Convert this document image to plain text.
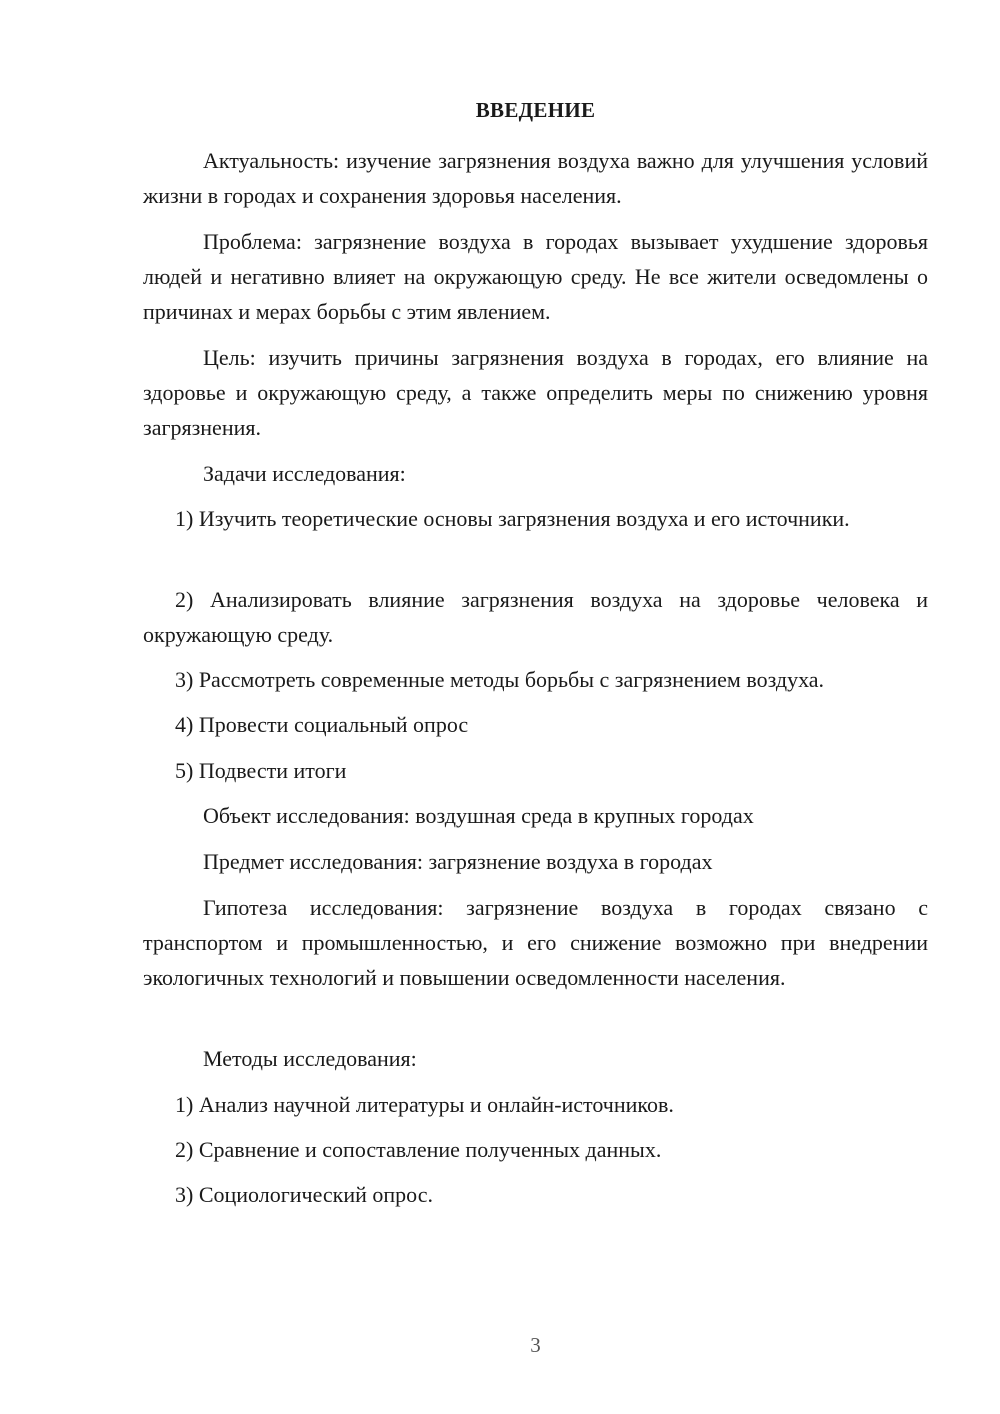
ВВЕДЕНИЕ

Актуальность: изучение загрязнения воздуха важно для улучшения условий жизни в городах и сохранения здоровья населения.

Проблема: загрязнение воздуха в городах вызывает ухудшение здоровья людей и негативно влияет на окружающую среду. Не все жители осведомлены о причинах и мерах борьбы с этим явлением.

Цель: изучить причины загрязнения воздуха в городах, его влияние на здоровье и окружающую среду, а также определить меры по снижению уровня загрязнения.

Задачи исследования:

1) Изучить теоретические основы загрязнения воздуха и его источники.

2) Анализировать влияние загрязнения воздуха на здоровье человека и окружающую среду.

3) Рассмотреть современные методы борьбы с загрязнением воздуха.

4) Провести социальный опрос

5) Подвести итоги

Объект исследования: воздушная среда в крупных городах

Предмет исследования: загрязнение воздуха в городах

Гипотеза исследования: загрязнение воздуха в городах связано с транспортом и промышленностью, и его снижение возможно при внедрении экологичных технологий и повышении осведомленности населения.

Методы исследования:

1) Анализ научной литературы и онлайн-источников.

2) Сравнение и сопоставление полученных данных.

3) Социологический опрос.

3
